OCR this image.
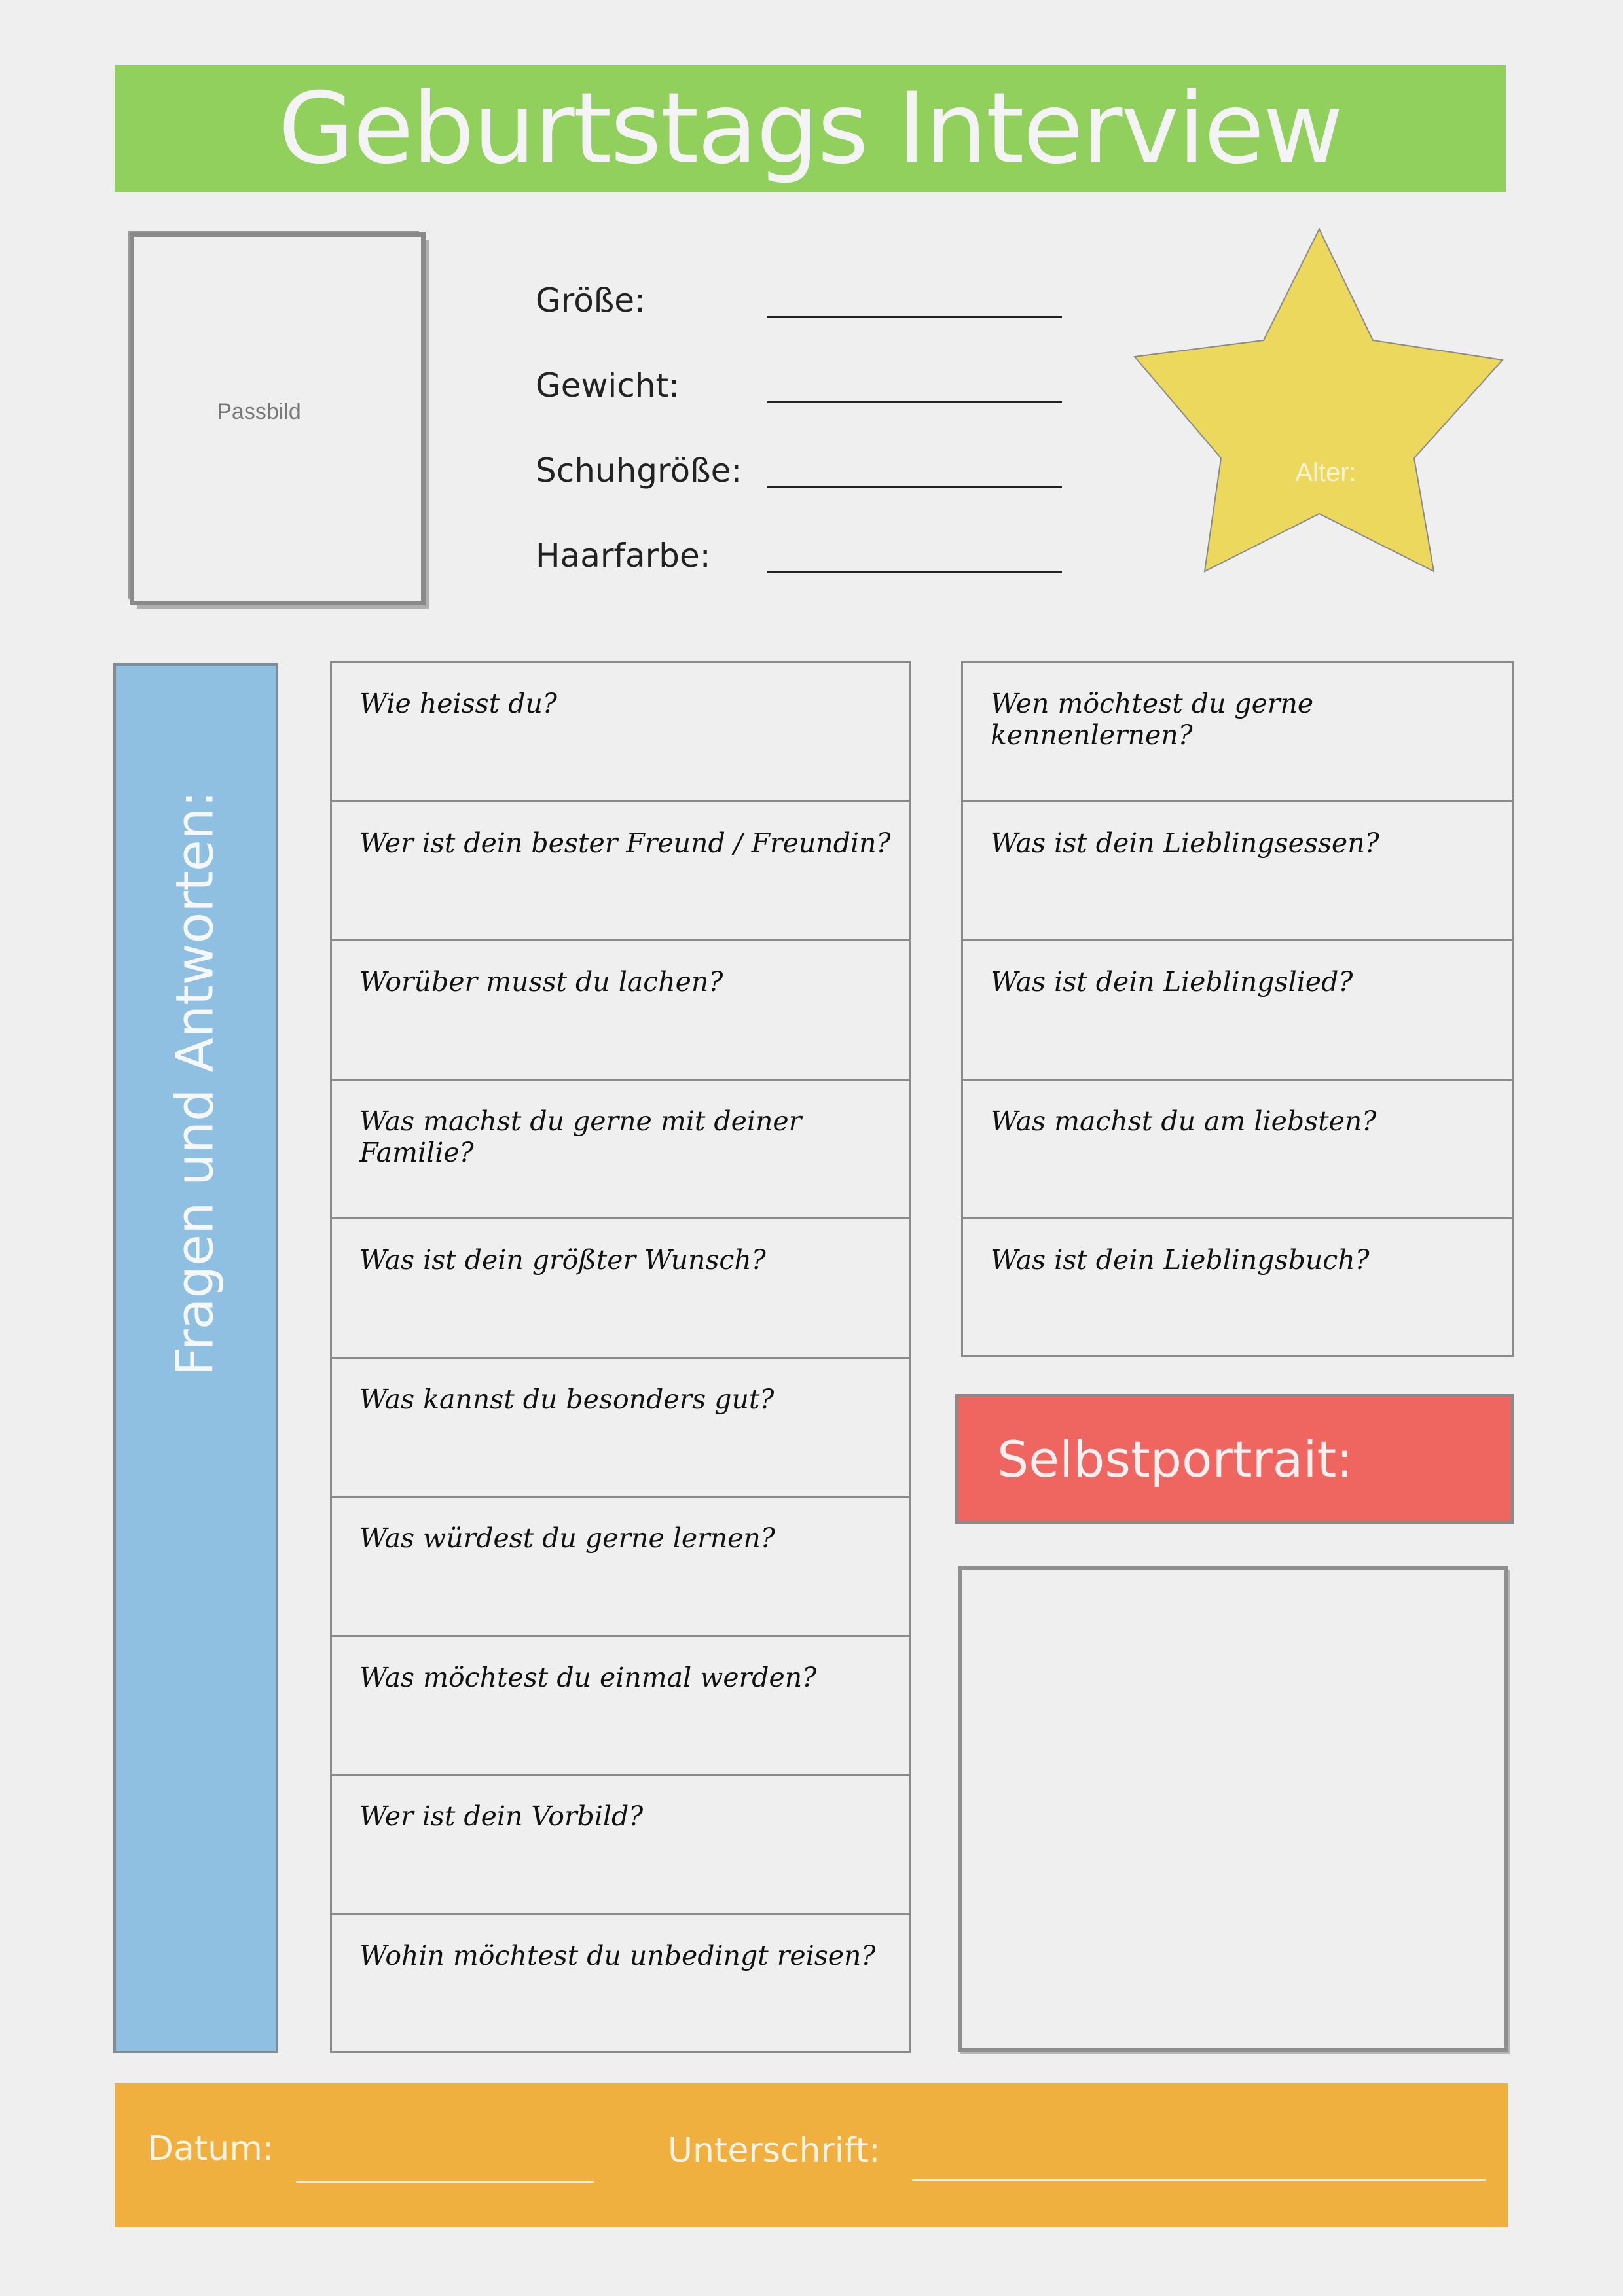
Geburtstags Interview
Passbild
Größe:
Gewicht:
Schuhgröße:
Haarfarbe:
Alter:
Fragen und Antworten:
Wie heisst du?
Wer ist dein bester Freund / Freundin?
Worüber musst du lachen?
Was machst du gerne mit deiner Familie?
Was ist dein größter Wunsch?
Was kannst du besonders gut?
Was würdest du gerne lernen?
Was möchtest du einmal werden?
Wer ist dein Vorbild?
Wohin möchtest du unbedingt reisen?
Wen möchtest du gerne kennenlernen?
Was ist dein Lieblingsessen?
Was ist dein Lieblingslied?
Was machst du am liebsten?
Was ist dein Lieblingsbuch?
Selbstportrait:
Datum:	Unterschrift:
